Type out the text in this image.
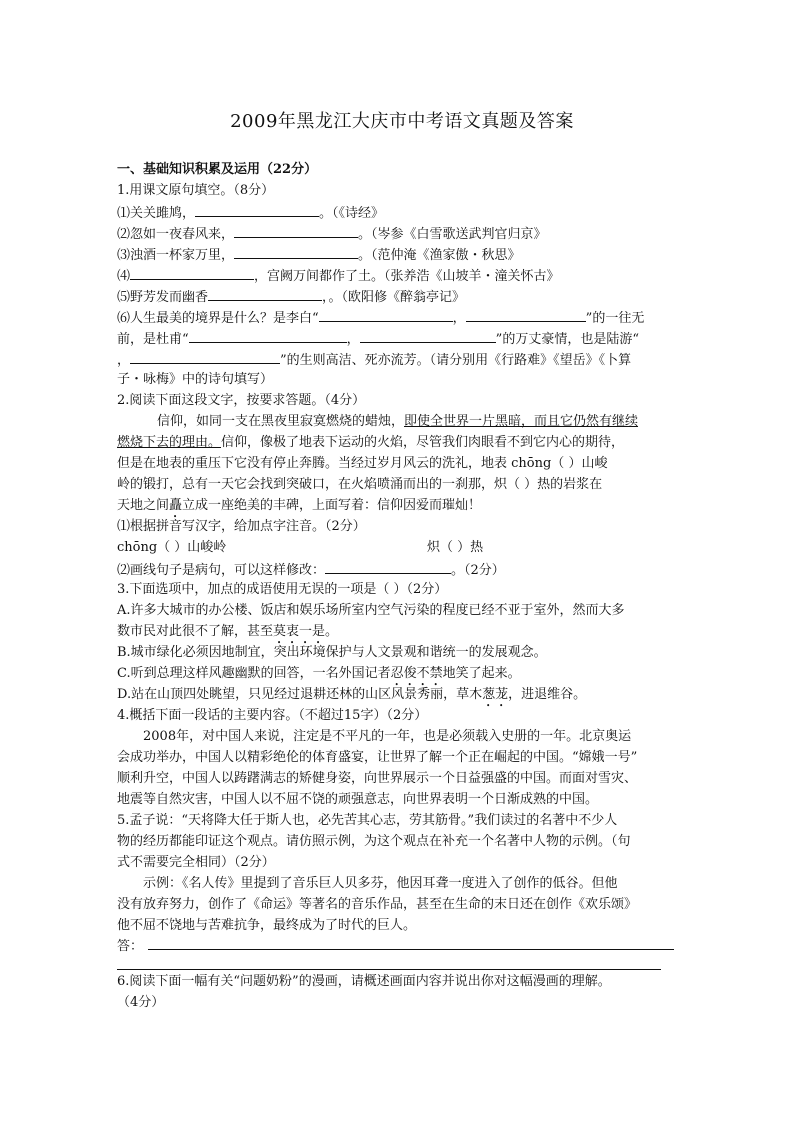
2009年黑龙江大庆市中考语文真题及答案
一、基础知识积累及运用（22分）
1.用课文原句填空。（8分）
⑴关关雎鸠，	。（《诗经》
⑵忽如一夜春风来，	。（岑参《白雪歌送武判官归京》
⑶浊酒一杯家万里，	。（范仲淹《渔家傲・秋思》
⑷	，宫阙万间都作了土。（张养浩《山坡羊・潼关怀古》
⑸野芳发而幽香	，。（欧阳修《醉翁亭记》
⑹人生最美的境界是什么？是李白“	，	”的一往无
前，是杜甫“	，	”的万丈豪情，也是陆游“
，	”的生则高洁、死亦流芳。（请分别用《行路难》《望岳》《卜算
子・咏梅》中的诗句填写）
2.阅读下面这段文字，按要求答题。（4分）
信仰，如同一支在黑夜里寂寞燃烧的蜡烛，即使全世界一片黑暗，而且它仍然有继续
燃烧下去的理由。信仰，像极了地表下运动的火焰，尽管我们肉眼看不到它内心的期待，
但是在地表的重压下它没有停止奔腾。当经过岁月风云的洗礼，地表 chōng（ ）山峻
岭的锻打，总有一天它会找到突破口，在火焰喷涌而出的一刹那，炽（ ）热的岩浆在
天地之间矗立成一座绝美的丰碑，上面写着：信仰因爱而璀灿！
⑴根据拼音写汉字，给加点字注音。（2分）
chōng（ ）山峻岭	炽（ ）热
⑵画线句子是病句，可以这样修改：	。（2分）
3.下面选项中，加点的成语使用无误的一项是（ ）（2分）
A.许多大城市的办公楼、饭店和娱乐场所室内空气污染的程度已经不亚于室外，然而大多
数市民对此很不了解，甚至莫衷一是。
B.城市绿化必须因地制宜，突出环境保护与人文景观和谐统一的发展观念。
C.听到总理这样风趣幽默的回答，一名外国记者忍俊不禁地笑了起来。
D.站在山顶四处眺望，只见经过退耕还林的山区风景秀丽，草木葱茏，进退维谷。
4.概括下面一段话的主要内容。（不超过15字）（2分）
2008年，对中国人来说，注定是不平凡的一年，也是必须载入史册的一年。北京奥运
会成功举办，中国人以精彩绝伦的体育盛宴，让世界了解一个正在崛起的中国。“嫦娥一号”
顺利升空，中国人以踌躇满志的矫健身姿，向世界展示一个日益强盛的中国。而面对雪灾、
地震等自然灾害，中国人以不屈不饶的顽强意志，向世界表明一个日渐成熟的中国。
5.孟子说：“天将降大任于斯人也，必先苦其心志，劳其筋骨。”我们读过的名著中不少人
物的经历都能印证这个观点。请仿照示例，为这个观点在补充一个名著中人物的示例。（句
式不需要完全相同）（2分）
示例：《名人传》里提到了音乐巨人贝多芬，他因耳聋一度进入了创作的低谷。但他
没有放弃努力，创作了《命运》等著名的音乐作品，甚至在生命的末日还在创作《欢乐颂》
他不屈不饶地与苦难抗争，最终成为了时代的巨人。
答：
6.阅读下面一幅有关“问题奶粉”的漫画，请概述画面内容并说出你对这幅漫画的理解。
（4分）
